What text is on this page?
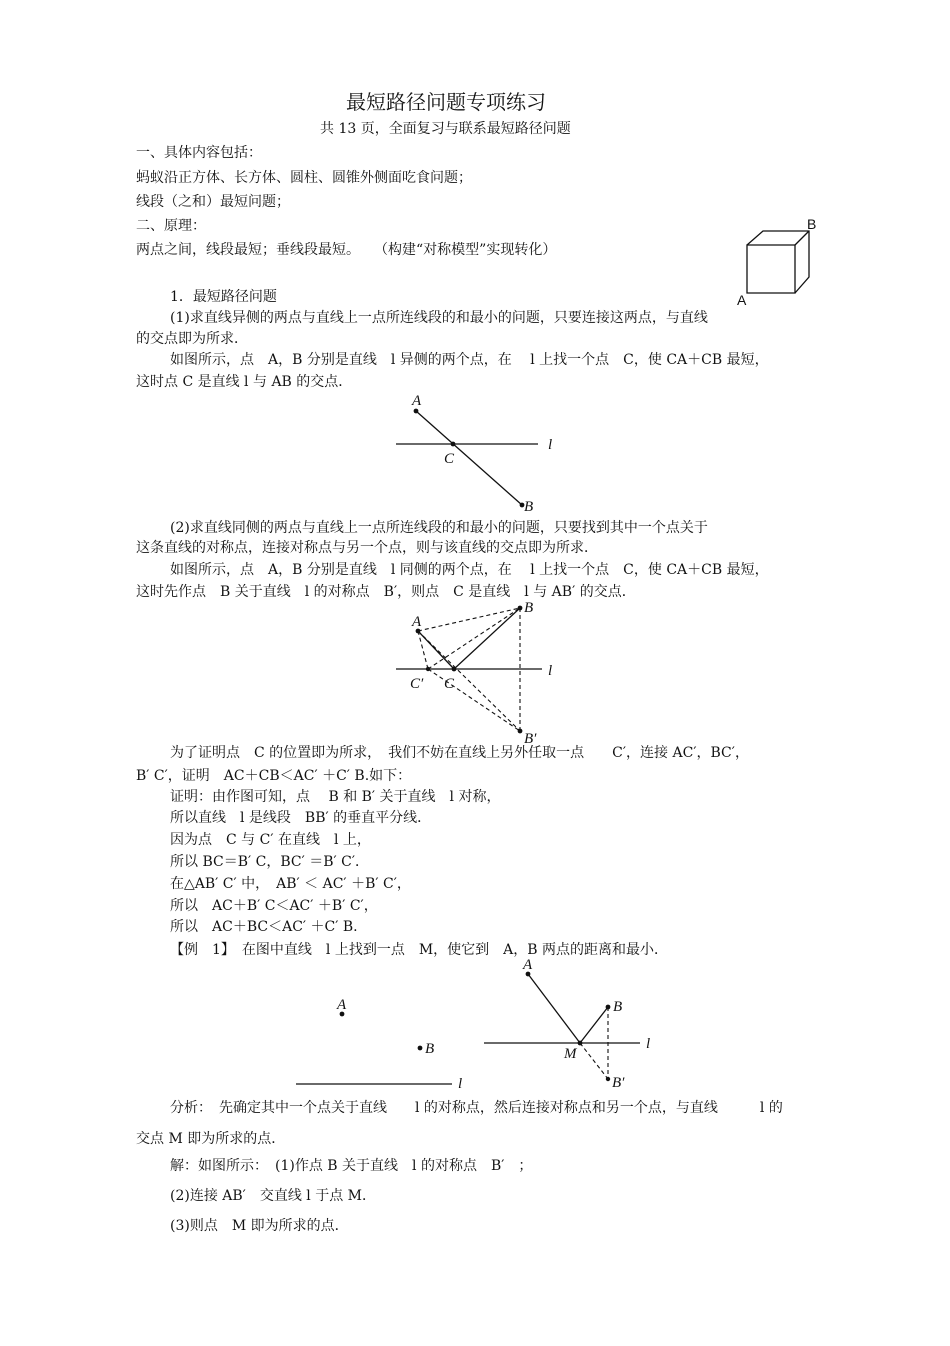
最短路径问题专项练习
共 13 页，全面复习与联系最短路径问题
一、具体内容包括：
蚂蚁沿正方体、长方体、圆柱、圆锥外侧面吃食问题；
线段（之和）最短问题；
二、原理：
两点之间，线段最短；垂线段最短。　　（构建“对称模型”实现转化）
B
A
1．最短路径问题
(1)求直线异侧的两点与直线上一点所连线段的和最小的问题，只要连接这两点，与直线
的交点即为所求．
如图所示，点　A，B 分别是直线　l 异侧的两个点，在　 l 上找一个点　C，使 CA＋CB 最短，
这时点 C 是直线 l 与 AB 的交点．
A
C
l
B
(2)求直线同侧的两点与直线上一点所连线段的和最小的问题，只要找到其中一个点关于
这条直线的对称点，连接对称点与另一个点，则与该直线的交点即为所求．
如图所示，点　A，B 分别是直线　l 同侧的两个点，在　 l 上找一个点　C，使 CA＋CB 最短，
这时先作点　B 关于直线　l 的对称点　B′，则点　C 是直线　l 与 AB′ 的交点．
A
B
C′ C
l
B′
为了证明点　C 的位置即为所求，　我们不妨在直线上另外任取一点　　C′，连接 AC′，BC′，
B′ C′，证明　AC＋CB＜AC′ ＋C′ B.如下：
证明：由作图可知，点　 B 和 B′ 关于直线　l 对称，
所以直线　l 是线段　BB′ 的垂直平分线．
因为点　C 与 C′ 在直线　l 上，
所以 BC＝B′ C，BC′ ＝B′ C′．
在△AB′ C′ 中，　AB′ ＜ AC′ ＋B′ C′，
所以　AC＋B′ C＜AC′ ＋B′ C′，
所以　AC＋BC＜AC′ ＋C′ B.
【例　1】　在图中直线　l 上找到一点　M，使它到　A，B 两点的距离和最小．
A
B
l
A
B
M
l
B′
分析：　先确定其中一个点关于直线　　l 的对称点，然后连接对称点和另一个点，与直线　　　l 的
交点 M 即为所求的点．
解：如图所示：　(1)作点 B 关于直线　l 的对称点　B′　；
(2)连接 AB′　交直线 l 于点 M．
(3)则点　M 即为所求的点．
